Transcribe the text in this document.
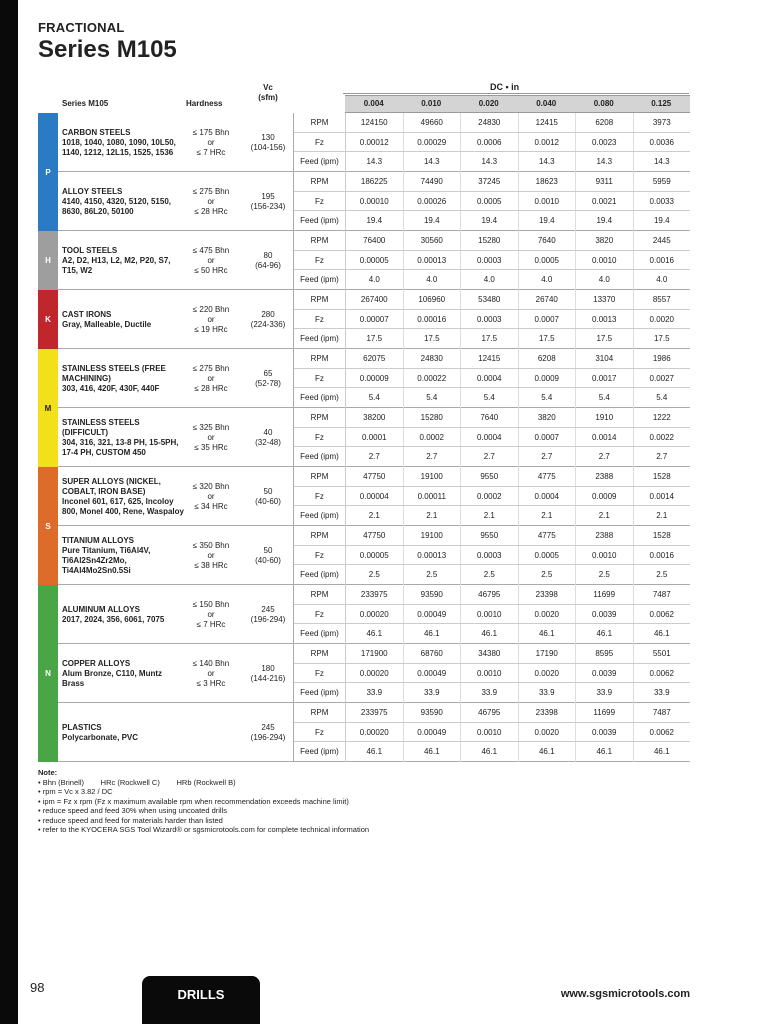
FRACTIONAL
Series M105
DC • in
Series M105	Hardness
Vc
(sfm)
0.004	0.010	0.020	0.040	0.080	0.125
CARBON STEELS
1018, 1040, 1080, 1090, 10L50, 1140, 1212, 12L15, 1525, 1536
≤ 175 Bhn
or
≤ 7 HRc
130
(104-156)
RPM	124150	49660	24830	12415	6208	3973
Fz	0.00012	0.00029	0.0006	0.0012	0.0023	0.0036
Feed (ipm)	14.3	14.3	14.3	14.3	14.3	14.3
ALLOY STEELS
4140, 4150, 4320, 5120, 5150, 8630, 86L20, 50100
≤ 275 Bhn
or
≤ 28 HRc
195
(156-234)
RPM	186225	74490	37245	18623	9311	5959
Fz	0.00010	0.00026	0.0005	0.0010	0.0021	0.0033
Feed (ipm)	19.4	19.4	19.4	19.4	19.4	19.4
TOOL STEELS
A2, D2, H13, L2, M2, P20, S7, T15, W2
≤ 475 Bhn
or
≤ 50 HRc
80
(64-96)
RPM	76400	30560	15280	7640	3820	2445
Fz	0.00005	0.00013	0.0003	0.0005	0.0010	0.0016
Feed (ipm)	4.0	4.0	4.0	4.0	4.0	4.0
CAST IRONS
Gray, Malleable, Ductile
≤ 220 Bhn
or
≤ 19 HRc
280
(224-336)
RPM	267400	106960	53480	26740	13370	8557
Fz	0.00007	0.00016	0.0003	0.0007	0.0013	0.0020
Feed (ipm)	17.5	17.5	17.5	17.5	17.5	17.5
STAINLESS STEELS (FREE MACHINING)
303, 416, 420F, 430F, 440F
≤ 275 Bhn
or
≤ 28 HRc
65
(52-78)
RPM	62075	24830	12415	6208	3104	1986
Fz	0.00009	0.00022	0.0004	0.0009	0.0017	0.0027
Feed (ipm)	5.4	5.4	5.4	5.4	5.4	5.4
STAINLESS STEELS (DIFFICULT)
304, 316, 321, 13-8 PH, 15-5PH, 17-4 PH, CUSTOM 450
≤ 325 Bhn
or
≤ 35 HRc
40
(32-48)
RPM	38200	15280	7640	3820	1910	1222
Fz	0.0001	0.0002	0.0004	0.0007	0.0014	0.0022
Feed (ipm)	2.7	2.7	2.7	2.7	2.7	2.7
SUPER ALLOYS (NICKEL, COBALT, IRON BASE)
Inconel 601, 617, 625, Incoloy 800, Monel 400, Rene, Waspaloy
≤ 320 Bhn
or
≤ 34 HRc
50
(40-60)
RPM	47750	19100	9550	4775	2388	1528
Fz	0.00004	0.00011	0.0002	0.0004	0.0009	0.0014
Feed (ipm)	2.1	2.1	2.1	2.1	2.1	2.1
TITANIUM ALLOYS
Pure Titanium, Ti6Al4V, Ti6Al2Sn4Zr2Mo, Ti4Al4Mo2Sn0.5Si
≤ 350 Bhn
or
≤ 38 HRc
50
(40-60)
RPM	47750	19100	9550	4775	2388	1528
Fz	0.00005	0.00013	0.0003	0.0005	0.0010	0.0016
Feed (ipm)	2.5	2.5	2.5	2.5	2.5	2.5
ALUMINUM ALLOYS
2017, 2024, 356, 6061, 7075
≤ 150 Bhn
or
≤ 7 HRc
245
(196-294)
RPM	233975	93590	46795	23398	11699	7487
Fz	0.00020	0.00049	0.0010	0.0020	0.0039	0.0062
Feed (ipm)	46.1	46.1	46.1	46.1	46.1	46.1
COPPER ALLOYS
Alum Bronze, C110, Muntz Brass
≤ 140 Bhn
or
≤ 3 HRc
180
(144-216)
RPM	171900	68760	34380	17190	8595	5501
Fz	0.00020	0.00049	0.0010	0.0020	0.0039	0.0062
Feed (ipm)	33.9	33.9	33.9	33.9	33.9	33.9
PLASTICS
Polycarbonate, PVC
245
(196-294)
RPM	233975	93590	46795	23398	11699	7487
Fz	0.00020	0.00049	0.0010	0.0020	0.0039	0.0062
Feed (ipm)	46.1	46.1	46.1	46.1	46.1	46.1
P
H
K
M
S
N
Note:
• Bhn (Brinell) HRc (Rockwell C) HRb (Rockwell B)
• rpm = Vc x 3.82 / DC
• ipm = Fz x rpm (Fz x maximum available rpm when recommendation exceeds machine limit)
• reduce speed and feed 30% when using uncoated drills
• reduce speed and feed for materials harder than listed
• refer to the KYOCERA SGS Tool Wizard® or sgsmicrotools.com for complete technical information
98	DRILLS	www.sgsmicrotools.com
